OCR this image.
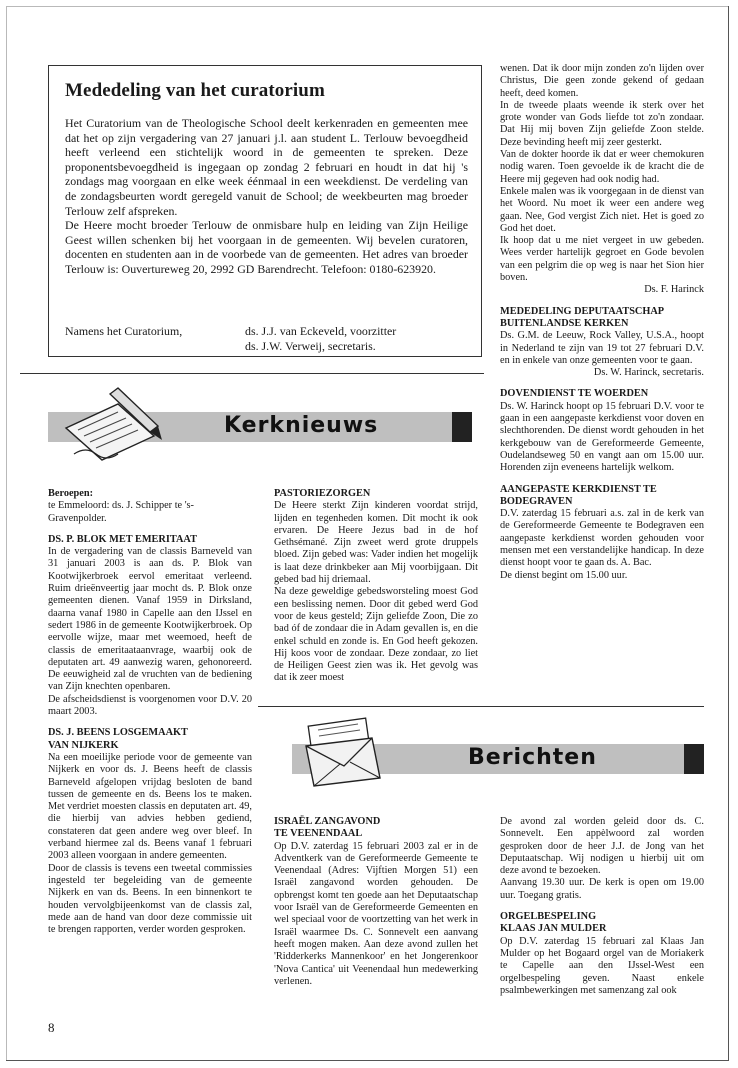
Mededeling van het curatorium

Het Curatorium van de Theologische School deelt kerkenraden en gemeenten mee dat het op zijn vergadering van 27 januari j.l. aan student L. Terlouw bevoegdheid heeft verleend een stichtelijk woord in de gemeenten te spreken. Deze proponentsbevoegdheid is ingegaan op zondag 2 februari en houdt in dat hij 's zondags mag voorgaan en elke week éénmaal in een weekdienst. De verdeling van de zondagsbeurten wordt geregeld vanuit de School; de weekbeurten mag broeder Terlouw zelf afspreken.

De Heere mocht broeder Terlouw de onmisbare hulp en leiding van Zijn Heilige Geest willen schenken bij het voorgaan in de gemeenten. Wij bevelen curatoren, docenten en studenten aan in de voorbede van de gemeenten. Het adres van broeder Terlouw is: Ouvertureweg 20, 2992 GD Barendrecht. Telefoon: 0180-623920.

Namens het Curatorium,	ds. J.J. van Eckeveld, voorzitter
ds. J.W. Verweij, secretaris.

wenen. Dat ik door mijn zonden zo'n lijden over Christus, Die geen zonde gekend of gedaan heeft, deed komen.

In de tweede plaats weende ik sterk over het grote wonder van Gods liefde tot zo'n zondaar. Dat Hij mij boven Zijn geliefde Zoon stelde. Deze bevinding heeft mij zeer gesterkt.

Van de dokter hoorde ik dat er weer chemokuren nodig waren. Toen gevoelde ik de kracht die de Heere mij gegeven had ook nodig had.

Enkele malen was ik voorgegaan in de dienst van het Woord. Nu moet ik weer een andere weg gaan. Nee, God vergist Zich niet. Het is goed zo God het doet.

Ik hoop dat u me niet vergeet in uw gebeden. Wees verder hartelijk gegroet en Gode bevolen van een pelgrim die op weg is naar het Sion hier boven.

Ds. F. Harinck

MEDEDELING DEPUTAATSCHAP
BUITENLANDSE KERKEN

Ds. G.M. de Leeuw, Rock Valley, U.S.A., hoopt in Nederland te zijn van 19 tot 27 februari D.V. en in enkele van onze gemeenten voor te gaan.

Ds. W. Harinck, secretaris.

DOVENDIENST TE WOERDEN

Ds. W. Harinck hoopt op 15 februari D.V. voor te gaan in een aangepaste kerkdienst voor doven en slechthorenden. De dienst wordt gehouden in het kerkgebouw van de Gereformeerde Gemeente, Oudelandseweg 50 en vangt aan om 15.00 uur. Horenden zijn eveneens hartelijk welkom.

AANGEPASTE KERKDIENST TE
BODEGRAVEN

D.V. zaterdag 15 februari a.s. zal in de kerk van de Gereformeerde Gemeente te Bodegraven een aangepaste kerkdienst worden gehouden voor mensen met een verstandelijke handicap. In deze dienst hoopt voor te gaan ds. A. Bac.

De dienst begint om 15.00 uur.

Kerknieuws
Beroepen:

te Emmeloord: ds. J. Schipper te 's-Gravenpolder.

DS. P. BLOK MET EMERITAAT

In de vergadering van de classis Barneveld van 31 januari 2003 is aan ds. P. Blok van Kootwijkerbroek eervol emeritaat verleend. Ruim drieënveertig jaar mocht ds. P. Blok onze gemeenten dienen. Vanaf 1959 in Dirksland, daarna vanaf 1980 in Capelle aan den IJssel en sedert 1986 in de gemeente Kootwijkerbroek. Op eervolle wijze, maar met weemoed, heeft de classis de emeritaataanvrage, waarbij ook de deputaten art. 49 aanwezig waren, gehonoreerd. De eeuwigheid zal de vruchten van de bediening van Zijn knechten openbaren.

De afscheidsdienst is voorgenomen voor D.V. 20 maart 2003.

DS. J. BEENS LOSGEMAAKT
VAN NIJKERK

Na een moeilijke periode voor de gemeente van Nijkerk en voor ds. J. Beens heeft de classis Barneveld afgelopen vrijdag besloten de band tussen de gemeente en ds. Beens los te maken. Met verdriet moesten classis en deputaten art. 49, die hierbij van advies hebben gediend, constateren dat geen andere weg over bleef. In verband hiermee zal ds. Beens vanaf 1 februari 2003 alleen voorgaan in andere gemeenten.

Door de classis is tevens een tweetal commissies ingesteld ter begeleiding van de gemeente Nijkerk en van ds. Beens. In een binnenkort te houden vervolgbijeenkomst van de classis zal, mede aan de hand van door deze commissie uit te brengen rapporten, verder worden gesproken.

PASTORIEZORGEN

De Heere sterkt Zijn kinderen voordat strijd, lijden en tegenheden komen. Dit mocht ik ook ervaren. De Heere Jezus bad in de hof Gethsémané. Zijn zweet werd grote druppels bloed. Zijn gebed was: Vader indien het mogelijk is laat deze drinkbeker aan Mij voorbijgaan. Dit gebed bad hij driemaal.

Na deze geweldige gebedsworsteling moest God een beslissing nemen. Door dit gebed werd God voor de keus gesteld; Zijn geliefde Zoon, Die zo bad óf de zondaar die in Adam gevallen is, en die enkel schuld en zonde is. En God heeft gekozen. Hij koos voor de zondaar. Deze zondaar, zo liet de Heiligen Geest zien was ik. Het gevolg was dat ik zeer moest

Berichten
ISRAËL ZANGAVOND
TE VEENENDAAL

Op D.V. zaterdag 15 februari 2003 zal er in de Adventkerk van de Gereformeerde Gemeente te Veenendaal (Adres: Vijftien Morgen 51) een Israël zangavond worden gehouden. De opbrengst komt ten goede aan het Deputaatschap voor Israël van de Gereformeerde Gemeenten en wel speciaal voor de voortzetting van het werk in Israël waarmee Ds. C. Sonnevelt een aanvang heeft mogen maken. Aan deze avond zullen het 'Ridderkerks Mannenkoor' en het Jongerenkoor 'Nova Cantica' uit Veenendaal hun medewerking verlenen.

De avond zal worden geleid door ds. C. Sonnevelt. Een appèlwoord zal worden gesproken door de heer J.J. de Jong van het Deputaatschap. Wij nodigen u hierbij uit om deze avond te bezoeken.

Aanvang 19.30 uur. De kerk is open om 19.00 uur. Toegang gratis.

ORGELBESPELING
KLAAS JAN MULDER

Op D.V. zaterdag 15 februari zal Klaas Jan Mulder op het Bogaard orgel van de Moriakerk te Capelle aan den IJssel-West een orgelbespeling geven. Naast enkele psalmbewerkingen met samenzang zal ook

8
